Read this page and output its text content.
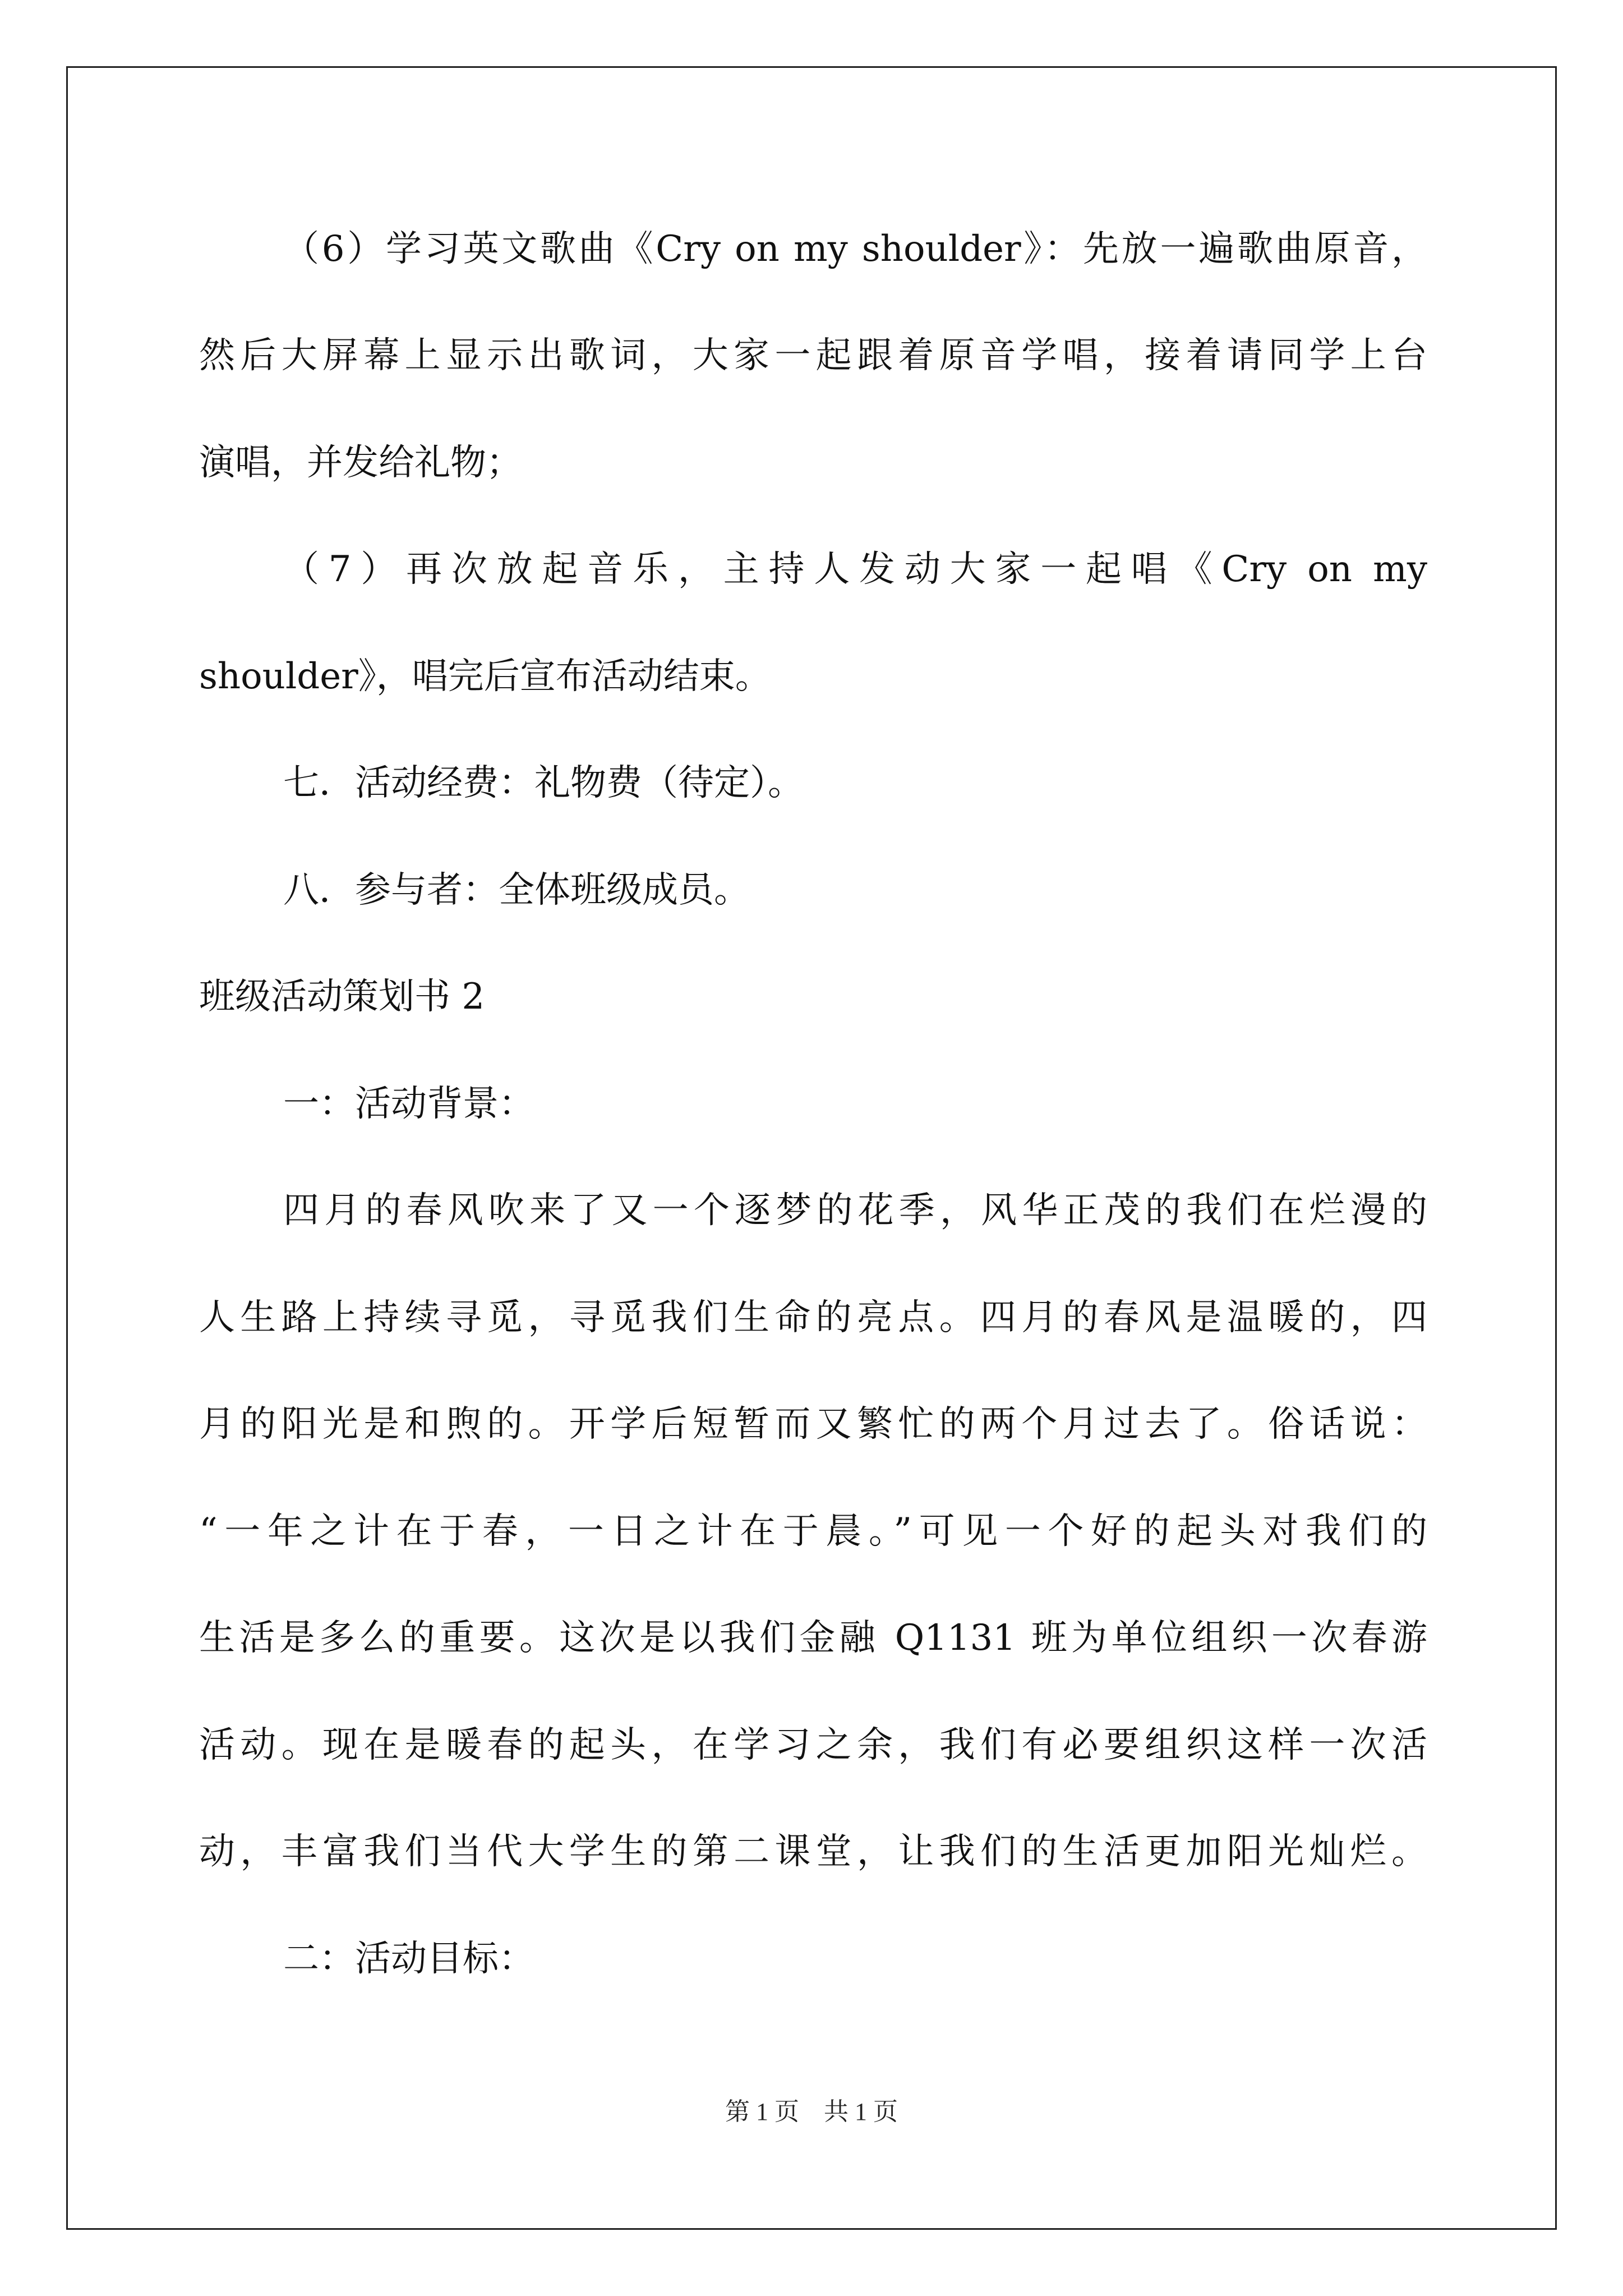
（6）学习英文歌曲《Cry on my shoulder》：先放一遍歌曲原音，
然后大屏幕上显示出歌词，大家一起跟着原音学唱，接着请同学上台
演唱，并发给礼物；
（7）再次放起音乐，主持人发动大家一起唱《Cry on my
shoulder》，唱完后宣布活动结束。
七．活动经费：礼物费（待定）。
八．参与者：全体班级成员。
班级活动策划书 2
一：活动背景：
四月的春风吹来了又一个逐梦的花季，风华正茂的我们在烂漫的
人生路上持续寻觅，寻觅我们生命的亮点。四月的春风是温暖的，四
月的阳光是和煦的。开学后短暂而又繁忙的两个月过去了。俗话说：
“一年之计在于春，一日之计在于晨。”可见一个好的起头对我们的
生活是多么的重要。这次是以我们金融 Q1131 班为单位组织一次春游
活动。现在是暖春的起头，在学习之余，我们有必要组织这样一次活
动，丰富我们当代大学生的第二课堂，让我们的生活更加阳光灿烂。
二：活动目标：
第 1 页　共 1 页
